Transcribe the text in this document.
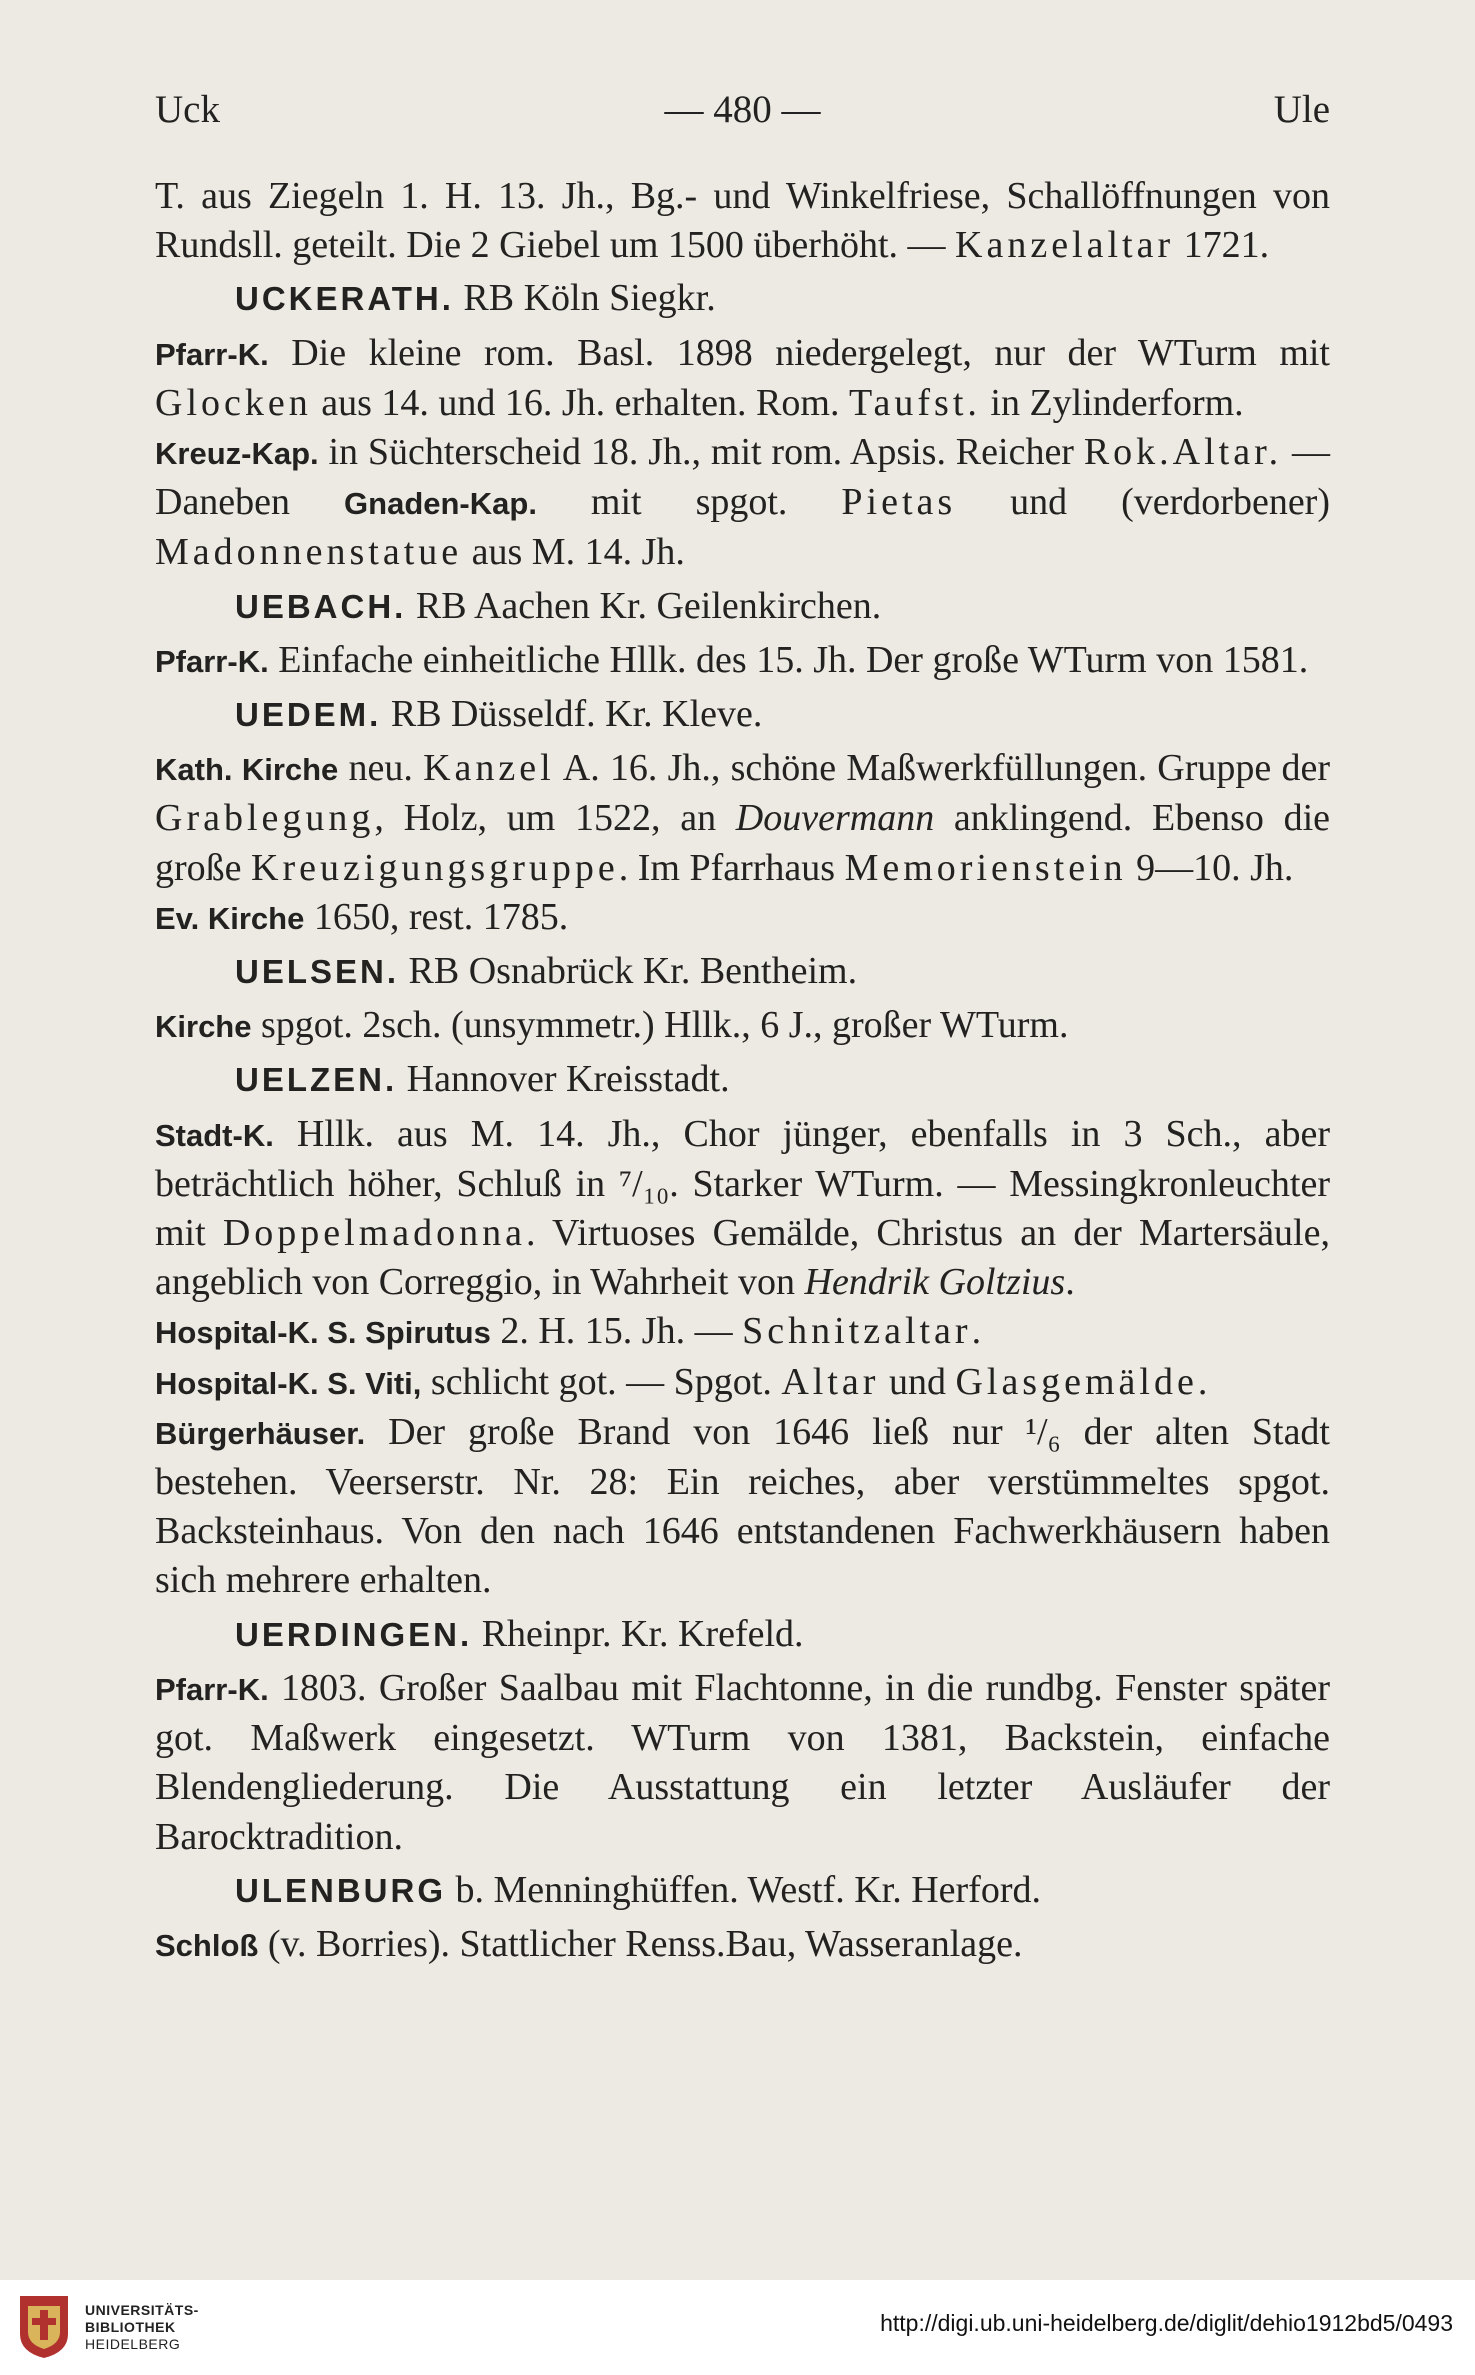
Uck	— 480 —	Ule

T. aus Ziegeln 1. H. 13. Jh., Bg.- und Winkelfriese, Schallöffnungen von Rundsll. geteilt. Die 2 Giebel um 1500 überhöht. — Kanzelaltar 1721.

UCKERATH. RB Köln Siegkr.

Pfarr-K. Die kleine rom. Basl. 1898 niedergelegt, nur der WTurm mit Glocken aus 14. und 16. Jh. erhalten. Rom. Taufst. in Zylinderform.

Kreuz-Kap. in Süchterscheid 18. Jh., mit rom. Apsis. Reicher Rok.Altar. — Daneben Gnaden-Kap. mit spgot. Pietas und (verdorbener) Madonnenstatue aus M. 14. Jh.

UEBACH. RB Aachen Kr. Geilenkirchen.

Pfarr-K. Einfache einheitliche Hllk. des 15. Jh. Der große WTurm von 1581.

UEDEM. RB Düsseldf. Kr. Kleve.

Kath. Kirche neu. Kanzel A. 16. Jh., schöne Maßwerkfüllungen. Gruppe der Grablegung, Holz, um 1522, an Douvermann anklingend. Ebenso die große Kreuzigungsgruppe. Im Pfarrhaus Memorienstein 9—10. Jh.

Ev. Kirche 1650, rest. 1785.

UELSEN. RB Osnabrück Kr. Bentheim.

Kirche spgot. 2sch. (unsymmetr.) Hllk., 6 J., großer WTurm.

UELZEN. Hannover Kreisstadt.

Stadt-K. Hllk. aus M. 14. Jh., Chor jünger, ebenfalls in 3 Sch., aber beträchtlich höher, Schluß in ⁷/₁₀. Starker WTurm. — Messingkronleuchter mit Doppelmadonna. Virtuoses Gemälde, Christus an der Martersäule, angeblich von Correggio, in Wahrheit von Hendrik Goltzius.

Hospital-K. S. Spirutus 2. H. 15. Jh. — Schnitzaltar.

Hospital-K. S. Viti, schlicht got. — Spgot. Altar und Glasgemälde.

Bürgerhäuser. Der große Brand von 1646 ließ nur ¹/₆ der alten Stadt bestehen. Veerserstr. Nr. 28: Ein reiches, aber verstümmeltes spgot. Backsteinhaus. Von den nach 1646 entstandenen Fachwerkhäusern haben sich mehrere erhalten.

UERDINGEN. Rheinpr. Kr. Krefeld.

Pfarr-K. 1803. Großer Saalbau mit Flachtonne, in die rundbg. Fenster später got. Maßwerk eingesetzt. WTurm von 1381, Backstein, einfache Blendengliederung. Die Ausstattung ein letzter Ausläufer der Barocktradition.

ULENBURG b. Menninghüffen. Westf. Kr. Herford.

Schloß (v. Borries). Stattlicher Renss.Bau, Wasseranlage.

UNIVERSITÄTS-
BIBLIOTHEK
HEIDELBERG
http://digi.ub.uni-heidelberg.de/diglit/dehio1912bd5/0493
